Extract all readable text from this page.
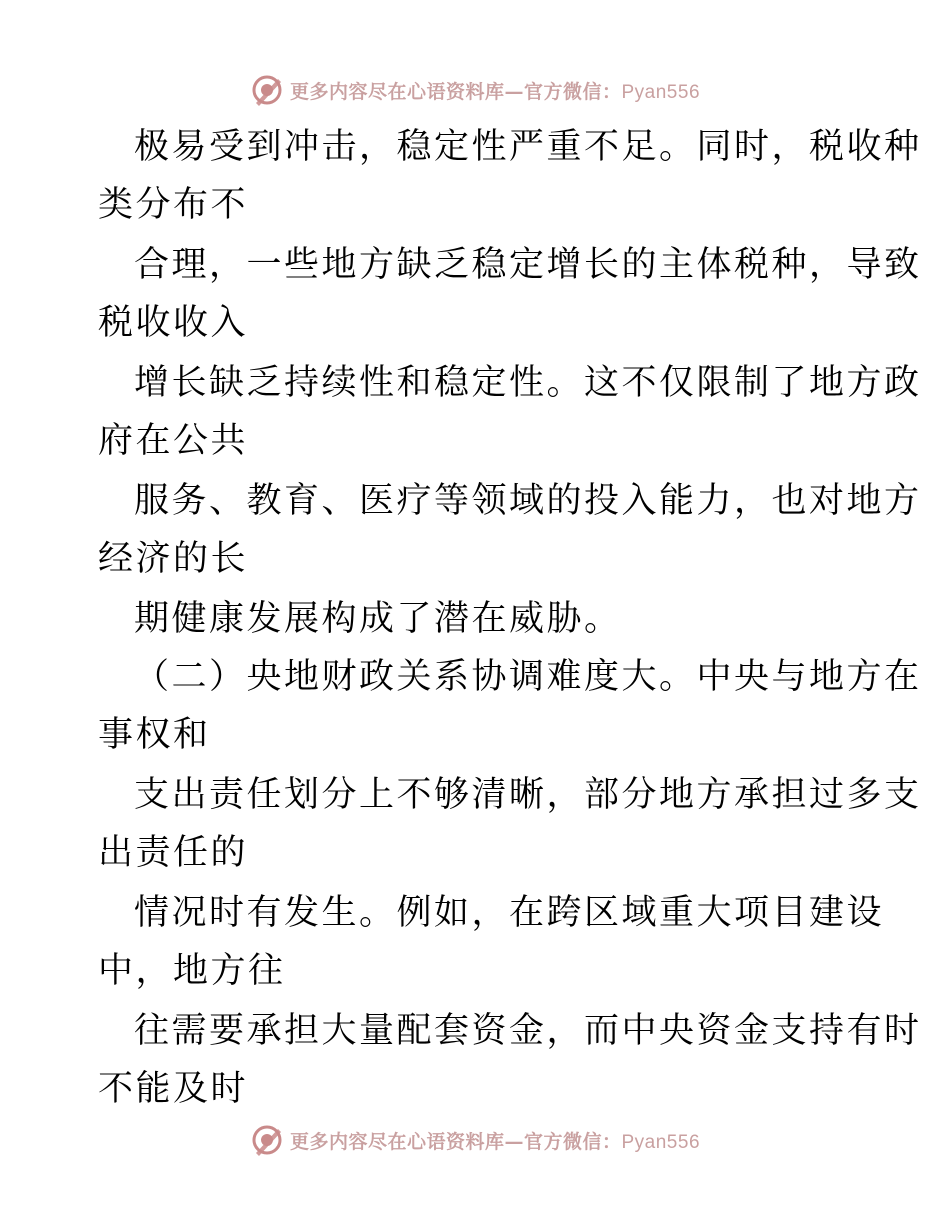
更多内容尽在心语资料库—官方微信：Pyan556
极易受到冲击，稳定性严重不足。同时，税收种
类分布不
合理，一些地方缺乏稳定增长的主体税种，导致
税收收入
增长缺乏持续性和稳定性。这不仅限制了地方政
府在公共
服务、教育、医疗等领域的投入能力，也对地方
经济的长
期健康发展构成了潜在威胁。
（二）央地财政关系协调难度大。中央与地方在
事权和
支出责任划分上不够清晰，部分地方承担过多支
出责任的
情况时有发生。例如，在跨区域重大项目建设
中，地方往
往需要承担大量配套资金，而中央资金支持有时
不能及时
更多内容尽在心语资料库—官方微信：Pyan556
